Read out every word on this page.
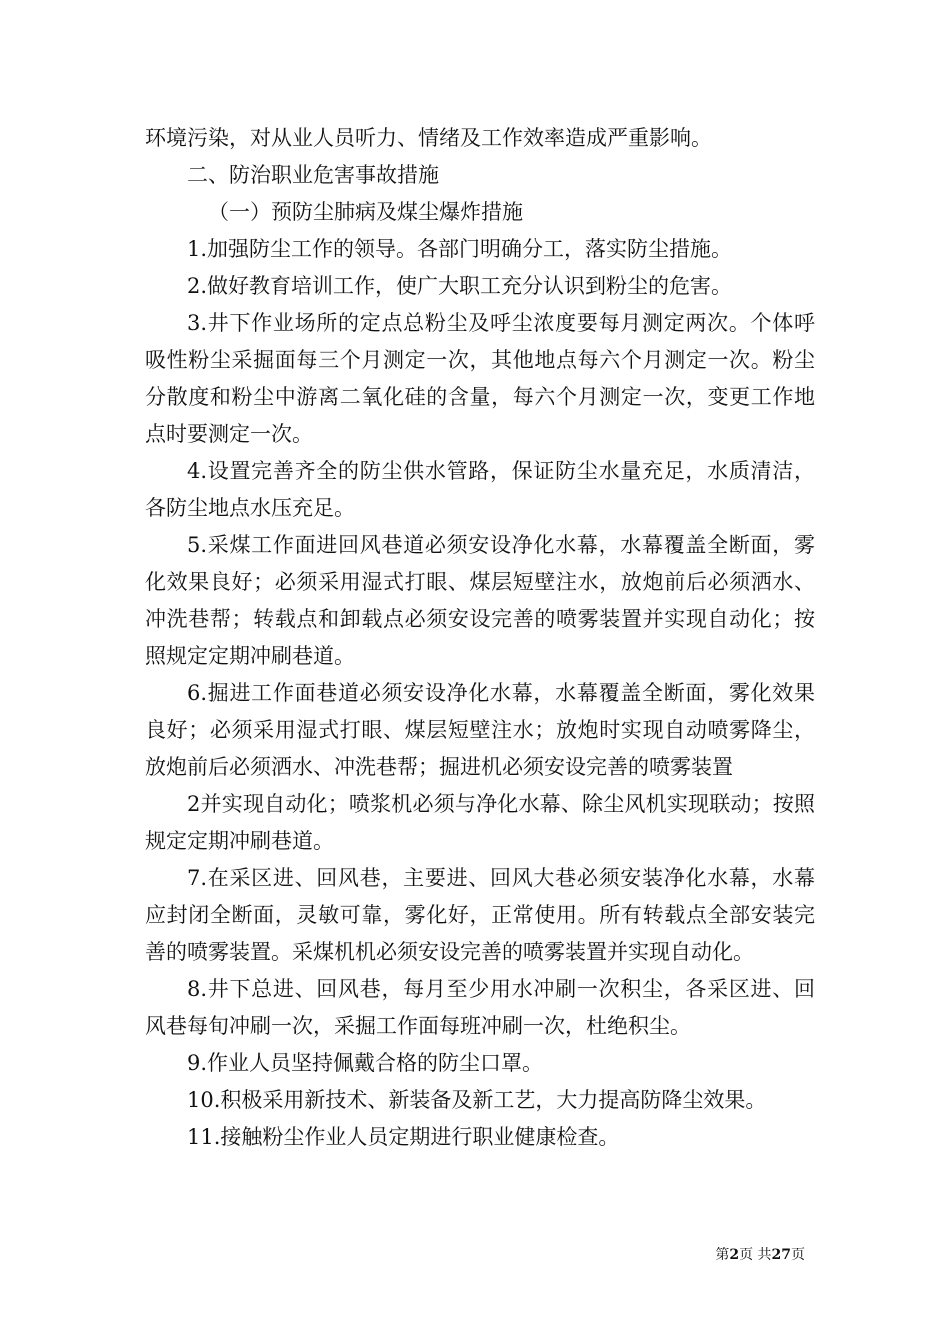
环境污染，对从业人员听力、情绪及工作效率造成严重影响。

二、防治职业危害事故措施

（一）预防尘肺病及煤尘爆炸措施

1.加强防尘工作的领导。各部门明确分工，落实防尘措施。

2.做好教育培训工作，使广大职工充分认识到粉尘的危害。

3.井下作业场所的定点总粉尘及呼尘浓度要每月测定两次。个体呼吸性粉尘采掘面每三个月测定一次，其他地点每六个月测定一次。粉尘分散度和粉尘中游离二氧化硅的含量，每六个月测定一次，变更工作地点时要测定一次。

4.设置完善齐全的防尘供水管路，保证防尘水量充足，水质清洁，各防尘地点水压充足。

5.采煤工作面进回风巷道必须安设净化水幕，水幕覆盖全断面，雾化效果良好；必须采用湿式打眼、煤层短壁注水，放炮前后必须洒水、冲洗巷帮；转载点和卸载点必须安设完善的喷雾装置并实现自动化；按照规定定期冲刷巷道。

6.掘进工作面巷道必须安设净化水幕，水幕覆盖全断面，雾化效果良好；必须采用湿式打眼、煤层短壁注水；放炮时实现自动喷雾降尘，放炮前后必须洒水、冲洗巷帮；掘进机必须安设完善的喷雾装置

2并实现自动化；喷浆机必须与净化水幕、除尘风机实现联动；按照规定定期冲刷巷道。

7.在采区进、回风巷，主要进、回风大巷必须安装净化水幕，水幕应封闭全断面，灵敏可靠，雾化好，正常使用。所有转载点全部安装完善的喷雾装置。采煤机机必须安设完善的喷雾装置并实现自动化。

8.井下总进、回风巷，每月至少用水冲刷一次积尘，各采区进、回风巷每旬冲刷一次，采掘工作面每班冲刷一次，杜绝积尘。

9.作业人员坚持佩戴合格的防尘口罩。

10.积极采用新技术、新装备及新工艺，大力提高防降尘效果。

11.接触粉尘作业人员定期进行职业健康检查。

第2页 共27页
